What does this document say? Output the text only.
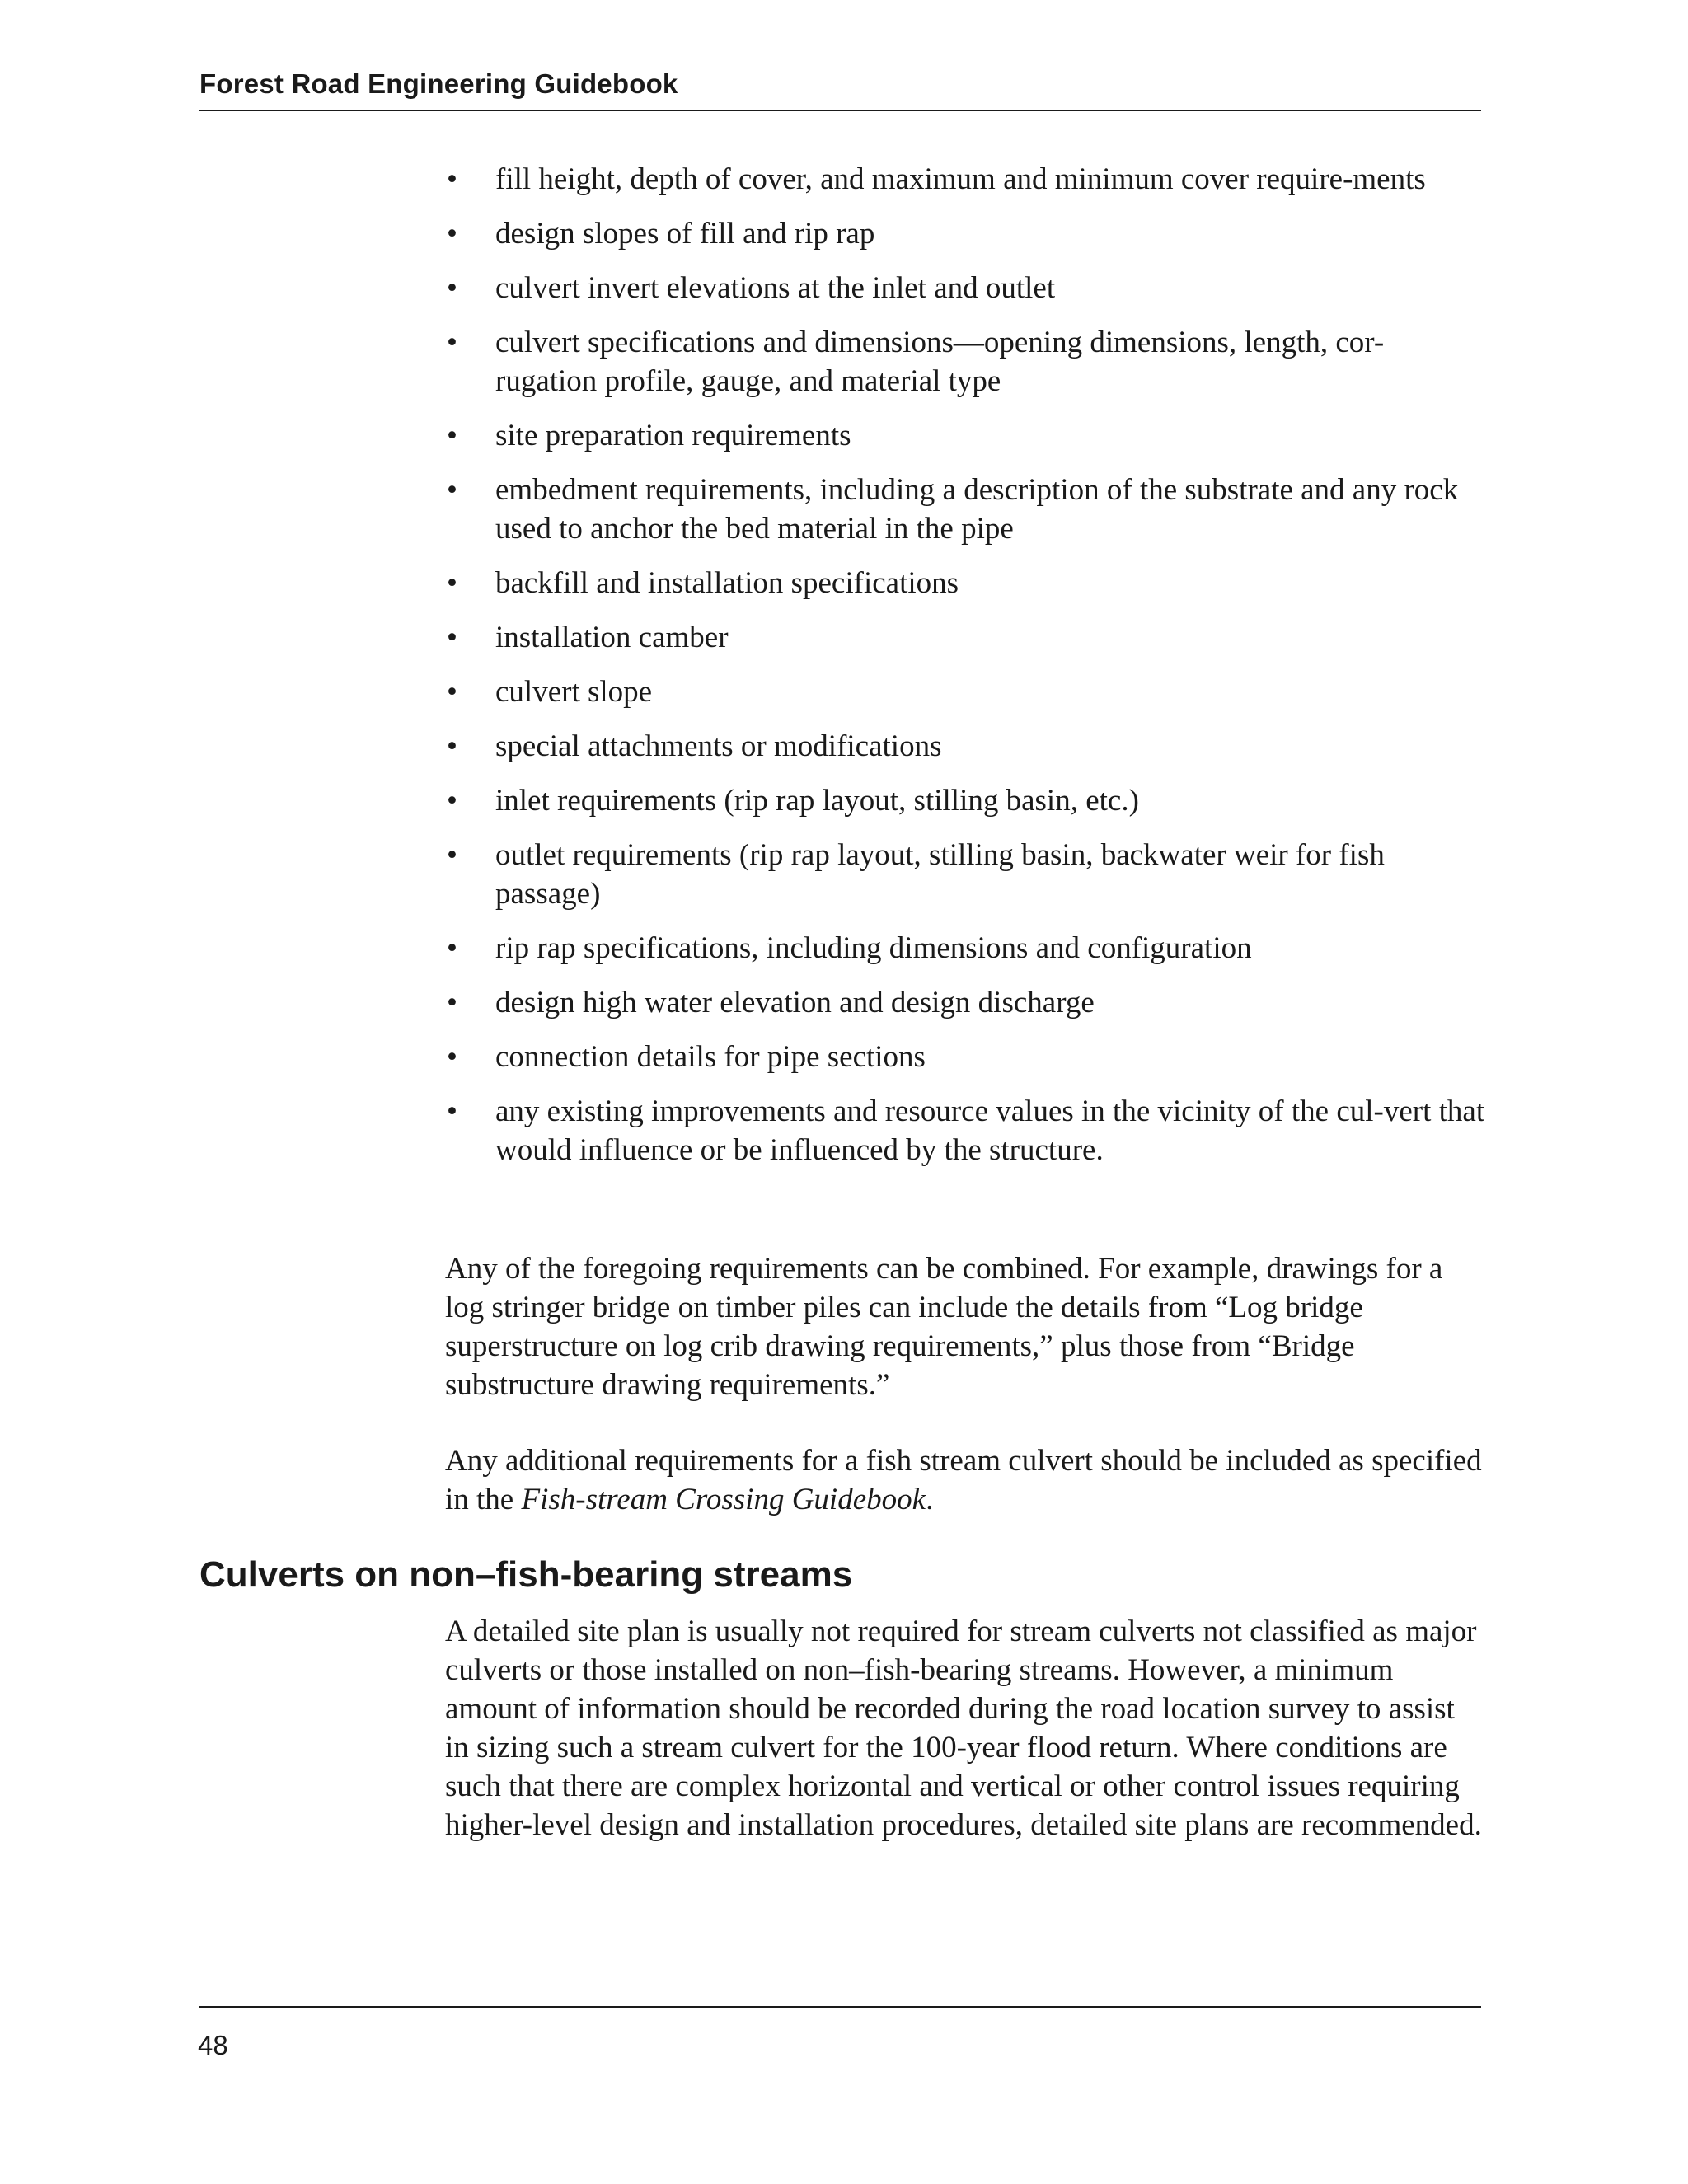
Forest Road Engineering Guidebook
• fill height, depth of cover, and maximum and minimum cover require-ments
• design slopes of fill and rip rap
• culvert invert elevations at the inlet and outlet
• culvert specifications and dimensions—opening dimensions, length, cor-rugation profile, gauge, and material type
• site preparation requirements
• embedment requirements, including a description of the substrate and any rock used to anchor the bed material in the pipe
• backfill and installation specifications
• installation camber
• culvert slope
• special attachments or modifications
• inlet requirements (rip rap layout, stilling basin, etc.)
• outlet requirements (rip rap layout, stilling basin, backwater weir for fish passage)
• rip rap specifications, including dimensions and configuration
• design high water elevation and design discharge
• connection details for pipe sections
• any existing improvements and resource values in the vicinity of the cul-vert that would influence or be influenced by the structure.

Any of the foregoing requirements can be combined. For example, drawings for a log stringer bridge on timber piles can include the details from “Log bridge superstructure on log crib drawing requirements,” plus those from “Bridge substructure drawing requirements.”

Any additional requirements for a fish stream culvert should be included as specified in the Fish-stream Crossing Guidebook.

Culverts on non–fish-bearing streams

A detailed site plan is usually not required for stream culverts not classified as major culverts or those installed on non–fish-bearing streams. However, a minimum amount of information should be recorded during the road location survey to assist in sizing such a stream culvert for the 100-year flood return. Where conditions are such that there are complex horizontal and vertical or other control issues requiring higher-level design and installation procedures, detailed site plans are recommended.

48
